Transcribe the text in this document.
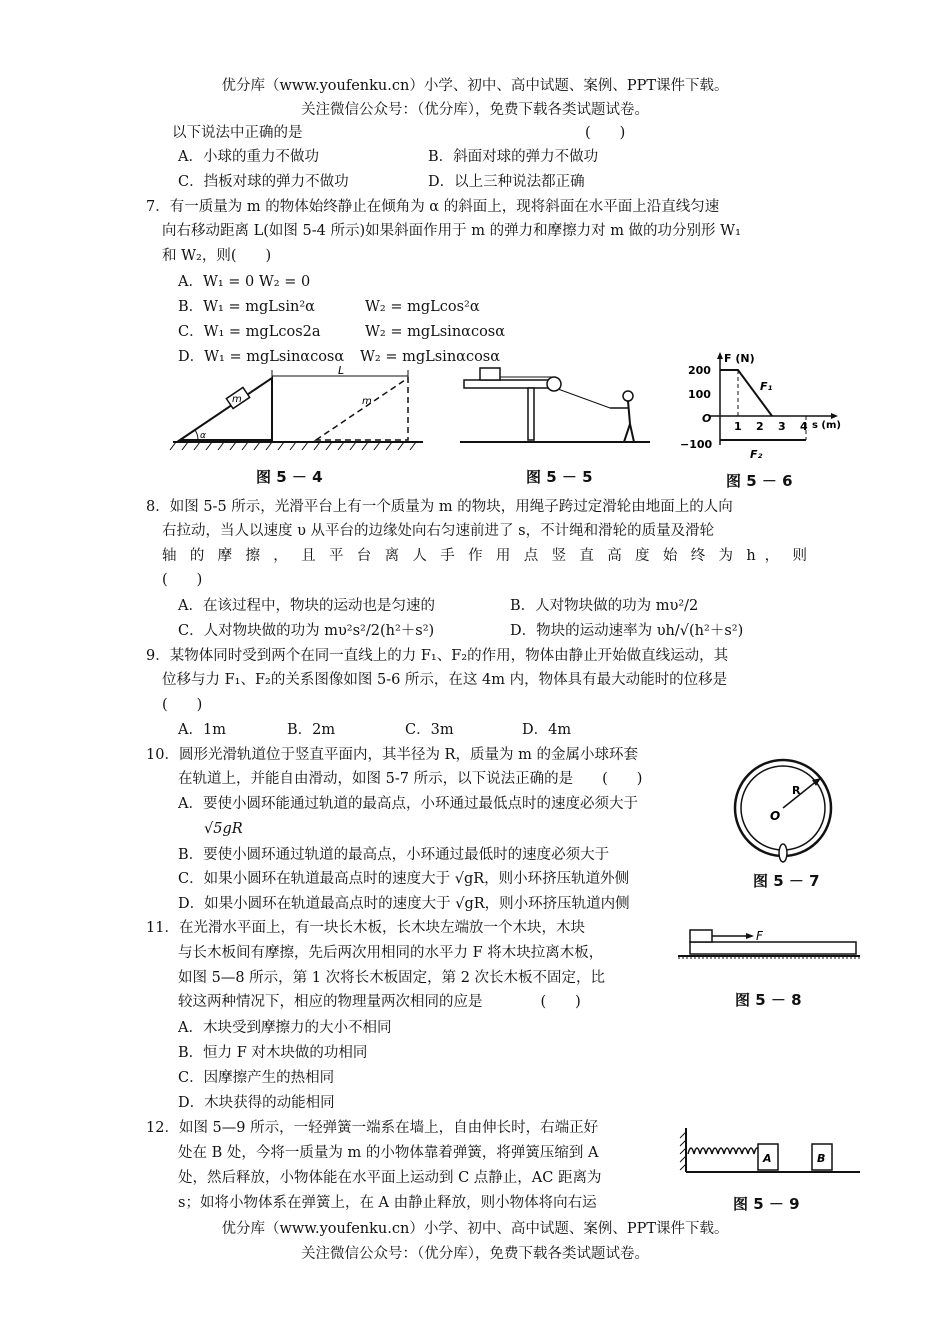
优分库（www.youfenku.cn）小学、初中、高中试题、案例、PPT课件下载。
关注微信公众号：（优分库），免费下载各类试题试卷。
以下说法中正确的是	(　　)
A．小球的重力不做功	B．斜面对球的弹力不做功
C．挡板对球的弹力不做功	D．以上三种说法都正确
7．有一质量为 m 的物体始终静止在倾角为 α 的斜面上，现将斜面在水平面上沿直线匀速
向右移动距离 L(如图 5-4 所示)如果斜面作用于 m 的弹力和摩擦力对 m 做的功分别形 W₁
和 W₂，则(　　)
A．W₁ = 0 W₂ = 0
B．W₁ = mgLsin²α	W₂ = mgLcos²α
C．W₁ = mgLcos2a	W₂ = mgLsinαcosα
D．W₁ = mgLsinαcosα W₂ = mgLsinαcosα
m
α
m
L
图 5 － 4	图 5 － 5
F (N)
200
100
O
−100
F₁
F₂
1 2 3 4 s (m)
图 5 － 6
8．如图 5-5 所示，光滑平台上有一个质量为 m 的物块，用绳子跨过定滑轮由地面上的人向
右拉动，当人以速度 υ 从平台的边缘处向右匀速前进了 s，不计绳和滑轮的质量及滑轮
轴 的 摩 擦 ， 且 平 台 离 人 手 作 用 点 竖 直 高 度 始 终 为 h ， 则
(　　)
A．在该过程中，物块的运动也是匀速的	B．人对物块做的功为 mυ²/2
C．人对物块做的功为 mυ²s²/2(h²＋s²)	D．物块的运动速率为 υh/√(h²＋s²)
9．某物体同时受到两个在同一直线上的力 F₁、F₂的作用，物体由静止开始做直线运动，其
位移与力 F₁、F₂的关系图像如图 5-6 所示，在这 4m 内，物体具有最大动能时的位移是
(　　)
A．1m	B．2m	C．3m	D．4m
10．圆形光滑轨道位于竖直平面内，其半径为 R，质量为 m 的金属小球环套
在轨道上，并能自由滑动，如图 5-7 所示，以下说法正确的是　　(　　)
A．要使小圆环能通过轨道的最高点，小环通过最低点时的速度必须大于
√5gR
B．要使小圆环通过轨道的最高点，小环通过最低时的速度必须大于
C．如果小圆环在轨道最高点时的速度大于 √gR，则小环挤压轨道外侧
D．如果小圆环在轨道最高点时的速度大于 √gR，则小环挤压轨道内侧
R
O
图 5 － 7
11．在光滑水平面上，有一块长木板，长木块左端放一个木块，木块
与长木板间有摩擦，先后两次用相同的水平力 F 将木块拉离木板，
如图 5—8 所示，第 1 次将长木板固定，第 2 次长木板不固定，比
较这两种情况下，相应的物理量两次相同的应是　　　　(　　)
A．木块受到摩擦力的大小不相同
B．恒力 F 对木块做的功相同
C．因摩擦产生的热相同
D．木块获得的动能相同
F
图 5 － 8
12．如图 5—9 所示，一轻弹簧一端系在墙上，自由伸长时，右端正好
处在 B 处，今将一质量为 m 的小物体靠着弹簧，将弹簧压缩到 A
处，然后释放，小物体能在水平面上运动到 C 点静止，AC 距离为
s；如将小物体系在弹簧上，在 A 由静止释放，则小物体将向右运
A	B
图 5 － 9
优分库（www.youfenku.cn）小学、初中、高中试题、案例、PPT课件下载。
关注微信公众号：（优分库），免费下载各类试题试卷。
